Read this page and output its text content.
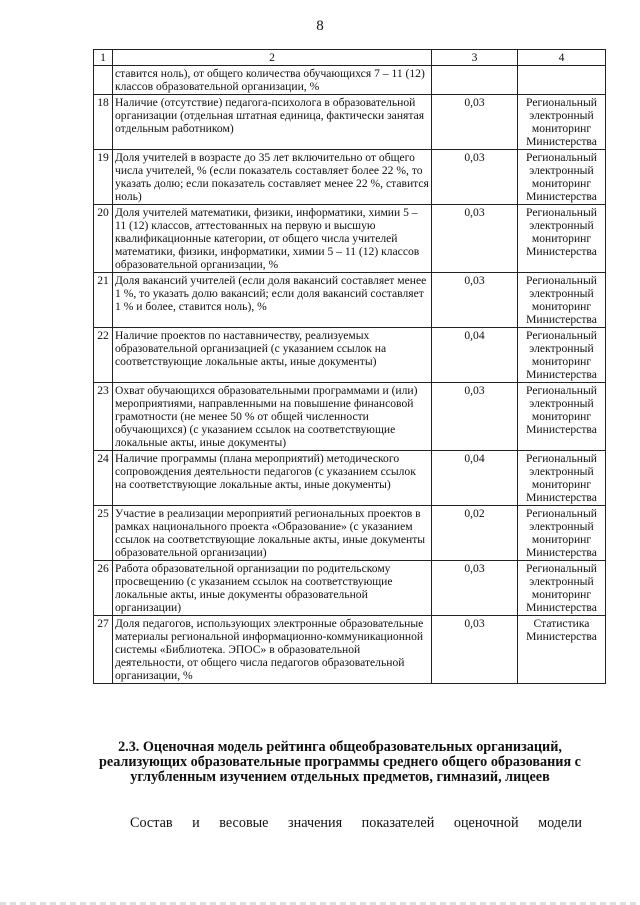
8
1	2	3	4
	ставится ноль), от общего количества обучающихся 7 – 11 (12) классов образовательной организации, %		
18	Наличие (отсутствие) педагога-психолога в образовательной организации (отдельная штатная единица, фактически занятая отдельным работником)	0,03	Региональный электронный мониторинг Министерства
19	Доля учителей в возрасте до 35 лет включительно от общего числа учителей, % (если показатель составляет более 22 %, то указать долю; если показатель составляет менее 22 %, ставится ноль)	0,03	Региональный электронный мониторинг Министерства
20	Доля учителей математики, физики, информатики, химии 5 – 11 (12) классов, аттестованных на первую и высшую квалификационные категории, от общего числа учителей математики, физики, информатики, химии 5 – 11 (12) классов образовательной организации, %	0,03	Региональный электронный мониторинг Министерства
21	Доля вакансий учителей (если доля вакансий составляет менее 1 %, то указать долю вакансий; если доля вакансий составляет 1 % и более, ставится ноль), %	0,03	Региональный электронный мониторинг Министерства
22	Наличие проектов по наставничеству, реализуемых образовательной организацией (с указанием ссылок на соответствующие локальные акты, иные документы)	0,04	Региональный электронный мониторинг Министерства
23	Охват обучающихся образовательными программами и (или) мероприятиями, направленными на повышение финансовой грамотности (не менее 50 % от общей численности обучающихся) (с указанием ссылок на соответствующие локальные акты, иные документы)	0,03	Региональный электронный мониторинг Министерства
24	Наличие программы (плана мероприятий) методического сопровождения деятельности педагогов (с указанием ссылок на соответствующие локальные акты, иные документы)	0,04	Региональный электронный мониторинг Министерства
25	Участие в реализации мероприятий региональных проектов в рамках национального проекта «Образование» (с указанием ссылок на соответствующие локальные акты, иные документы образовательной организации)	0,02	Региональный электронный мониторинг Министерства
26	Работа образовательной организации по родительскому просвещению (с указанием ссылок на соответствующие локальные акты, иные документы образовательной организации)	0,03	Региональный электронный мониторинг Министерства
27	Доля педагогов, использующих электронные образовательные материалы региональной информационно-коммуникационной системы «Библиотека. ЭПОС» в образовательной деятельности, от общего числа педагогов образовательной организации, %	0,03	Статистика Министерства
2.3. Оценочная модель рейтинга общеобразовательных организаций, реализующих образовательные программы среднего общего образования с углубленным изучением отдельных предметов, гимназий, лицеев
Состав и весовые значения показателей оценочной модели
